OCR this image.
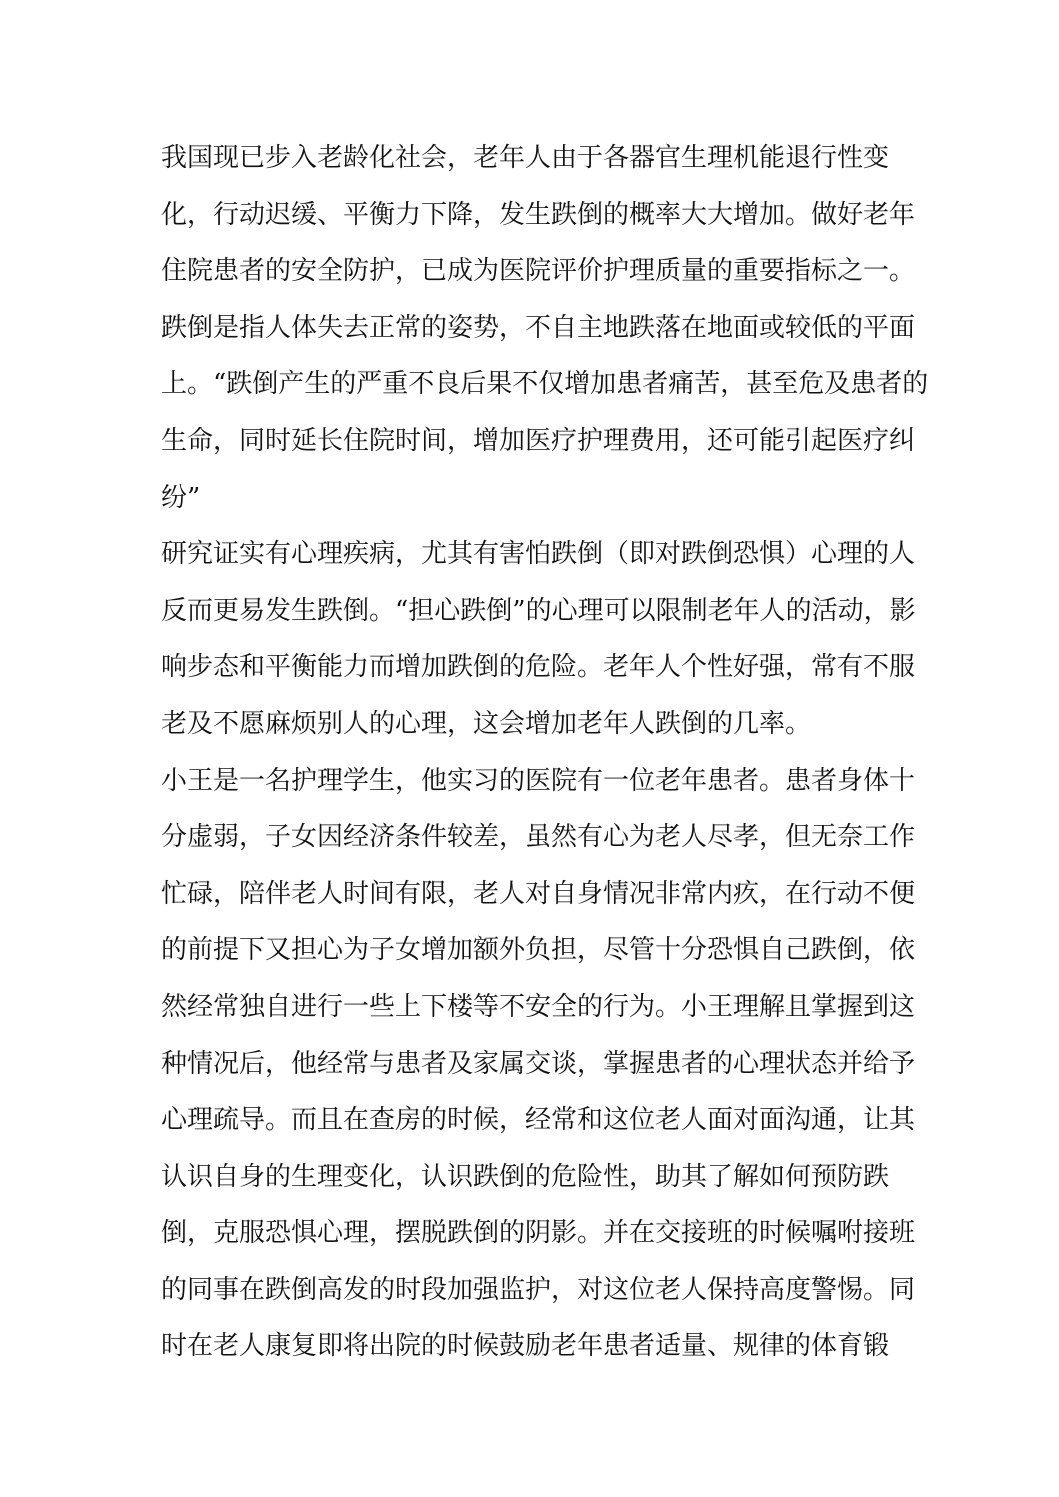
我国现已步入老龄化社会，老年人由于各器官生理机能退行性变
化，行动迟缓、平衡力下降，发生跌倒的概率大大增加。做好老年
住院患者的安全防护，已成为医院评价护理质量的重要指标之一。
跌倒是指人体失去正常的姿势，不自主地跌落在地面或较低的平面
上。“跌倒产生的严重不良后果不仅增加患者痛苦，甚至危及患者的
生命，同时延长住院时间，增加医疗护理费用，还可能引起医疗纠
纷”
研究证实有心理疾病，尤其有害怕跌倒（即对跌倒恐惧）心理的人
反而更易发生跌倒。“担心跌倒”的心理可以限制老年人的活动，影
响步态和平衡能力而增加跌倒的危险。老年人个性好强，常有不服
老及不愿麻烦别人的心理，这会增加老年人跌倒的几率。
小王是一名护理学生，他实习的医院有一位老年患者。患者身体十
分虚弱，子女因经济条件较差，虽然有心为老人尽孝，但无奈工作
忙碌，陪伴老人时间有限，老人对自身情况非常内疚，在行动不便
的前提下又担心为子女增加额外负担，尽管十分恐惧自己跌倒，依
然经常独自进行一些上下楼等不安全的行为。小王理解且掌握到这
种情况后，他经常与患者及家属交谈，掌握患者的心理状态并给予
心理疏导。而且在查房的时候，经常和这位老人面对面沟通，让其
认识自身的生理变化，认识跌倒的危险性，助其了解如何预防跌
倒，克服恐惧心理，摆脱跌倒的阴影。并在交接班的时候嘱咐接班
的同事在跌倒高发的时段加强监护，对这位老人保持高度警惕。同
时在老人康复即将出院的时候鼓励老年患者适量、规律的体育锻
